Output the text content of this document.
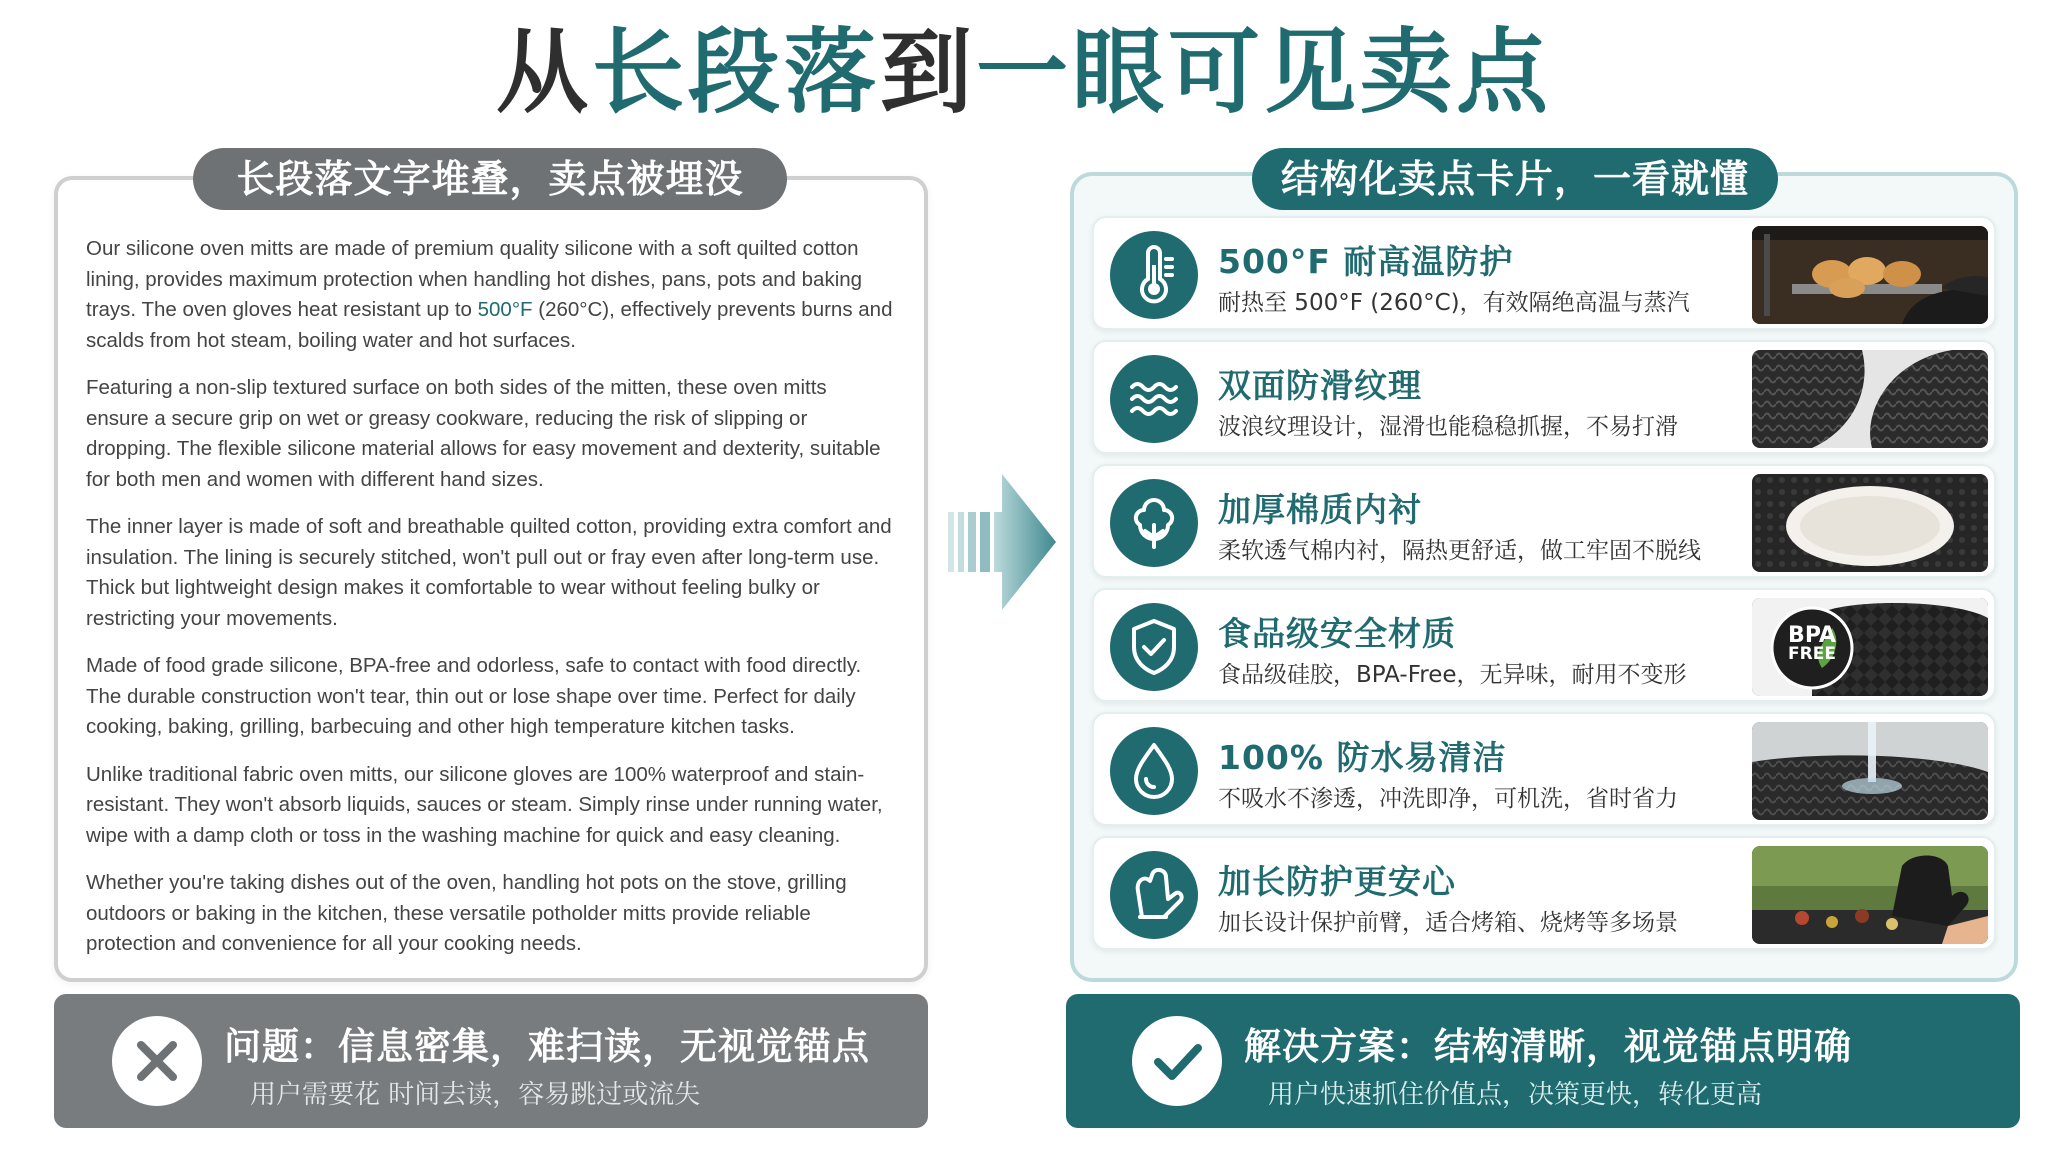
从长段落到一眼可见卖点
长段落文字堆叠，卖点被埋没

Our silicone oven mitts are made of premium quality silicone with a soft quilted cotton lining, provides maximum protection when handling hot dishes, pans, pots and baking trays. The oven gloves heat resistant up to 500°F (260°C), effectively prevents burns and scalds from hot steam, boiling water and hot surfaces.

Featuring a non-slip textured surface on both sides of the mitten, these oven mitts ensure a secure grip on wet or greasy cookware, reducing the risk of slipping or dropping. The flexible silicone material allows for easy movement and dexterity, suitable for both men and women with different hand sizes.

The inner layer is made of soft and breathable quilted cotton, providing extra comfort and insulation. The lining is securely stitched, won't pull out or fray even after long-term use. Thick but lightweight design makes it comfortable to wear without feeling bulky or restricting your movements.

Made of food grade silicone, BPA-free and odorless, safe to contact with food directly. The durable construction won't tear, thin out or lose shape over time. Perfect for daily cooking, baking, grilling, barbecuing and other high temperature kitchen tasks.

Unlike traditional fabric oven mitts, our silicone gloves are 100% waterproof and stain-resistant. They won't absorb liquids, sauces or steam. Simply rinse under running water, wipe with a damp cloth or toss in the washing machine for quick and easy cleaning.

Whether you're taking dishes out of the oven, handling hot pots on the stove, grilling outdoors or baking in the kitchen, these versatile potholder mitts provide reliable protection and convenience for all your cooking needs.

结构化卖点卡片，一看就懂
500°F 耐高温防护
耐热至 500°F (260°C)，有效隔绝高温与蒸汽
双面防滑纹理
波浪纹理设计，湿滑也能稳稳抓握，不易打滑
加厚棉质内衬
柔软透气棉内衬，隔热更舒适，做工牢固不脱线
食品级安全材质
食品级硅胶，BPA-Free，无异味，耐用不变形
BPA
FREE
100% 防水易清洁
不吸水不渗透，冲洗即净，可机洗，省时省力
加长防护更安心
加长设计保护前臂，适合烤箱、烧烤等多场景
问题：信息密集，难扫读，无视觉锚点
用户需要花 时间去读，容易跳过或流失
解决方案：结构清晰，视觉锚点明确
用户快速抓住价值点，决策更快，转化更高
